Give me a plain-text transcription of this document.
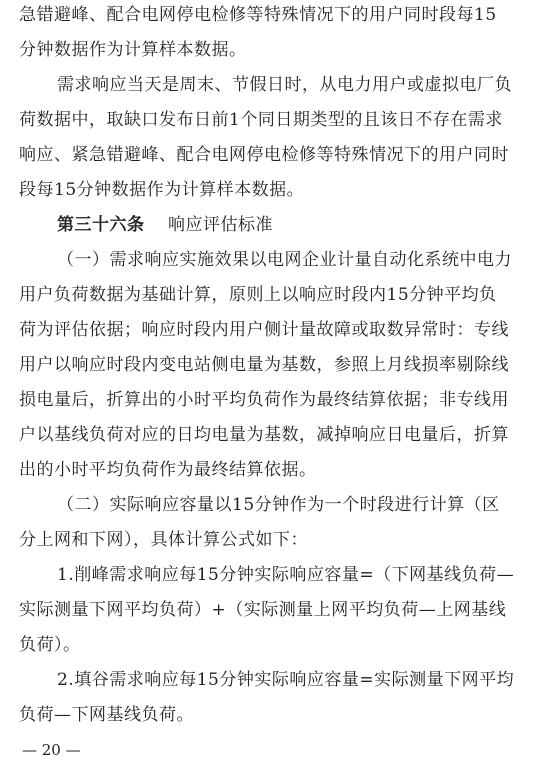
急错避峰、配合电网停电检修等特殊情况下的用户同时段每15
分钟数据作为计算样本数据。
需求响应当天是周末、节假日时，从电力用户或虚拟电厂负
荷数据中，取缺口发布日前1个同日期类型的且该日不存在需求
响应、紧急错避峰、配合电网停电检修等特殊情况下的用户同时
段每15分钟数据作为计算样本数据。
第三十六条 响应评估标准
（一）需求响应实施效果以电网企业计量自动化系统中电力
用户负荷数据为基础计算，原则上以响应时段内15分钟平均负
荷为评估依据；响应时段内用户侧计量故障或取数异常时：专线
用户以响应时段内变电站侧电量为基数，参照上月线损率剔除线
损电量后，折算出的小时平均负荷作为最终结算依据；非专线用
户以基线负荷对应的日均电量为基数，减掉响应日电量后，折算
出的小时平均负荷作为最终结算依据。
（二）实际响应容量以15分钟作为一个时段进行计算（区
分上网和下网），具体计算公式如下：
1.削峰需求响应每15分钟实际响应容量=（下网基线负荷—
实际测量下网平均负荷）+（实际测量上网平均负荷—上网基线
负荷）。
2.填谷需求响应每15分钟实际响应容量=实际测量下网平均
负荷—下网基线负荷。
— 20 —
